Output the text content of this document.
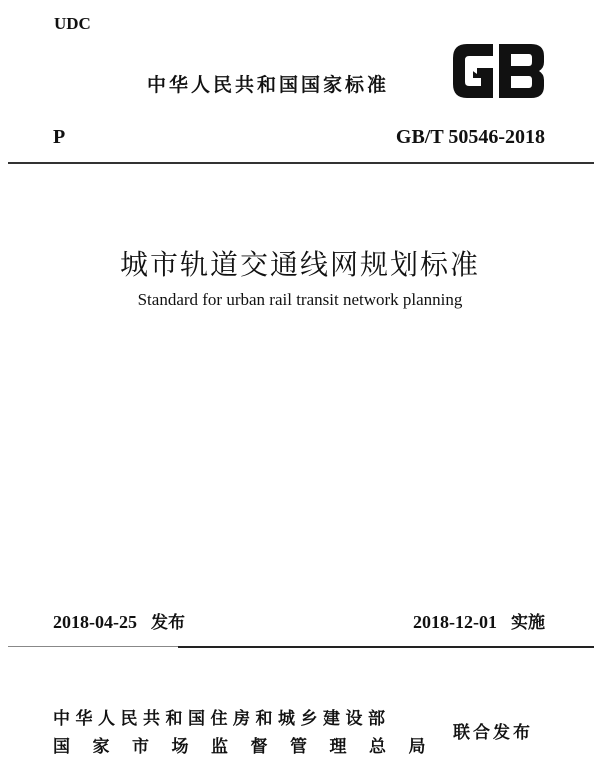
UDC
中华人民共和国国家标准
P	GB/T 50546-2018
城市轨道交通线网规划标准
Standard for urban rail transit network planning
2018-04-25 发布	2018-12-01 实施
中华人民共和国住房和城乡建设部
国家市场监督管理总局
联合发布
